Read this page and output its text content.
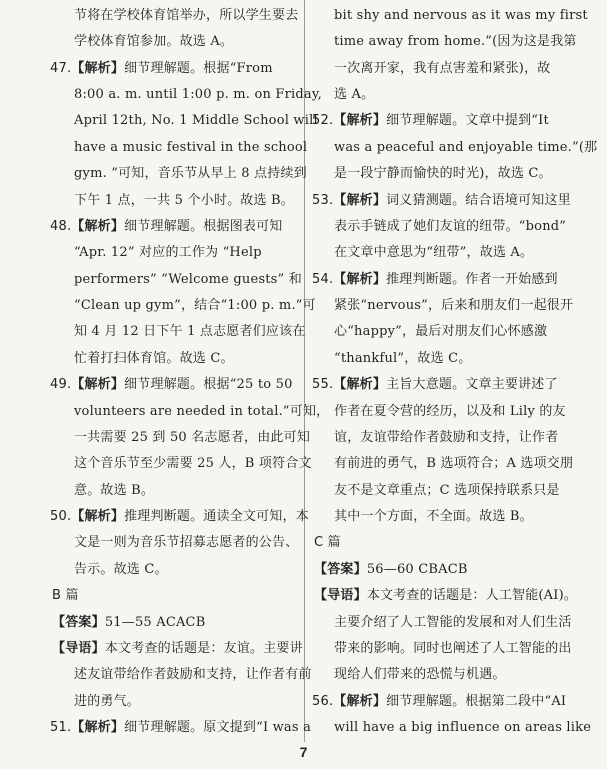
节将在学校体育馆举办，所以学生要去
学校体育馆参加。故选 A。
47.【解析】细节理解题。根据“From
8:00 a. m. until 1:00 p. m. on Friday,
April 12th, No. 1 Middle School will
have a music festival in the school
gym. ”可知，音乐节从早上 8 点持续到
下午 1 点，一共 5 个小时。故选 B。
48.【解析】细节理解题。根据图表可知
“Apr. 12” 对应的工作为 “Help
performers” “Welcome guests” 和
“Clean up gym”，结合“1:00 p. m.”可
知 4 月 12 日下午 1 点志愿者们应该在
忙着打扫体育馆。故选 C。
49.【解析】细节理解题。根据“25 to 50
volunteers are needed in total.”可知，
一共需要 25 到 50 名志愿者，由此可知
这个音乐节至少需要 25 人，B 项符合文
意。故选 B。
50.【解析】推理判断题。通读全文可知，本
文是一则为音乐节招募志愿者的公告、
告示。故选 C。
B 篇
【答案】51—55 ACACB
【导语】本文考查的话题是：友谊。主要讲
述友谊带给作者鼓励和支持，让作者有前
进的勇气。
51.【解析】细节理解题。原文提到“I was a
bit shy and nervous as it was my first
time away from home.”(因为这是我第
一次离开家，我有点害羞和紧张)，故
选 A。
52.【解析】细节理解题。文章中提到“It
was a peaceful and enjoyable time.”(那
是一段宁静而愉快的时光)，故选 C。
53.【解析】词义猜测题。结合语境可知这里
表示手链成了她们友谊的纽带。“bond”
在文章中意思为“纽带”，故选 A。
54.【解析】推理判断题。作者一开始感到
紧张“nervous”，后来和朋友们一起很开
心“happy”，最后对朋友们心怀感激
“thankful”，故选 C。
55.【解析】主旨大意题。文章主要讲述了
作者在夏令营的经历，以及和 Lily 的友
谊，友谊带给作者鼓励和支持，让作者
有前进的勇气，B 选项符合；A 选项交朋
友不是文章重点；C 选项保持联系只是
其中一个方面，不全面。故选 B。
C 篇
【答案】56—60 CBACB
【导语】本文考查的话题是：人工智能(AI)。
主要介绍了人工智能的发展和对人们生活
带来的影响。同时也阐述了人工智能的出
现给人们带来的恐慌与机遇。
56.【解析】细节理解题。根据第二段中“AI
will have a big influence on areas like
7
